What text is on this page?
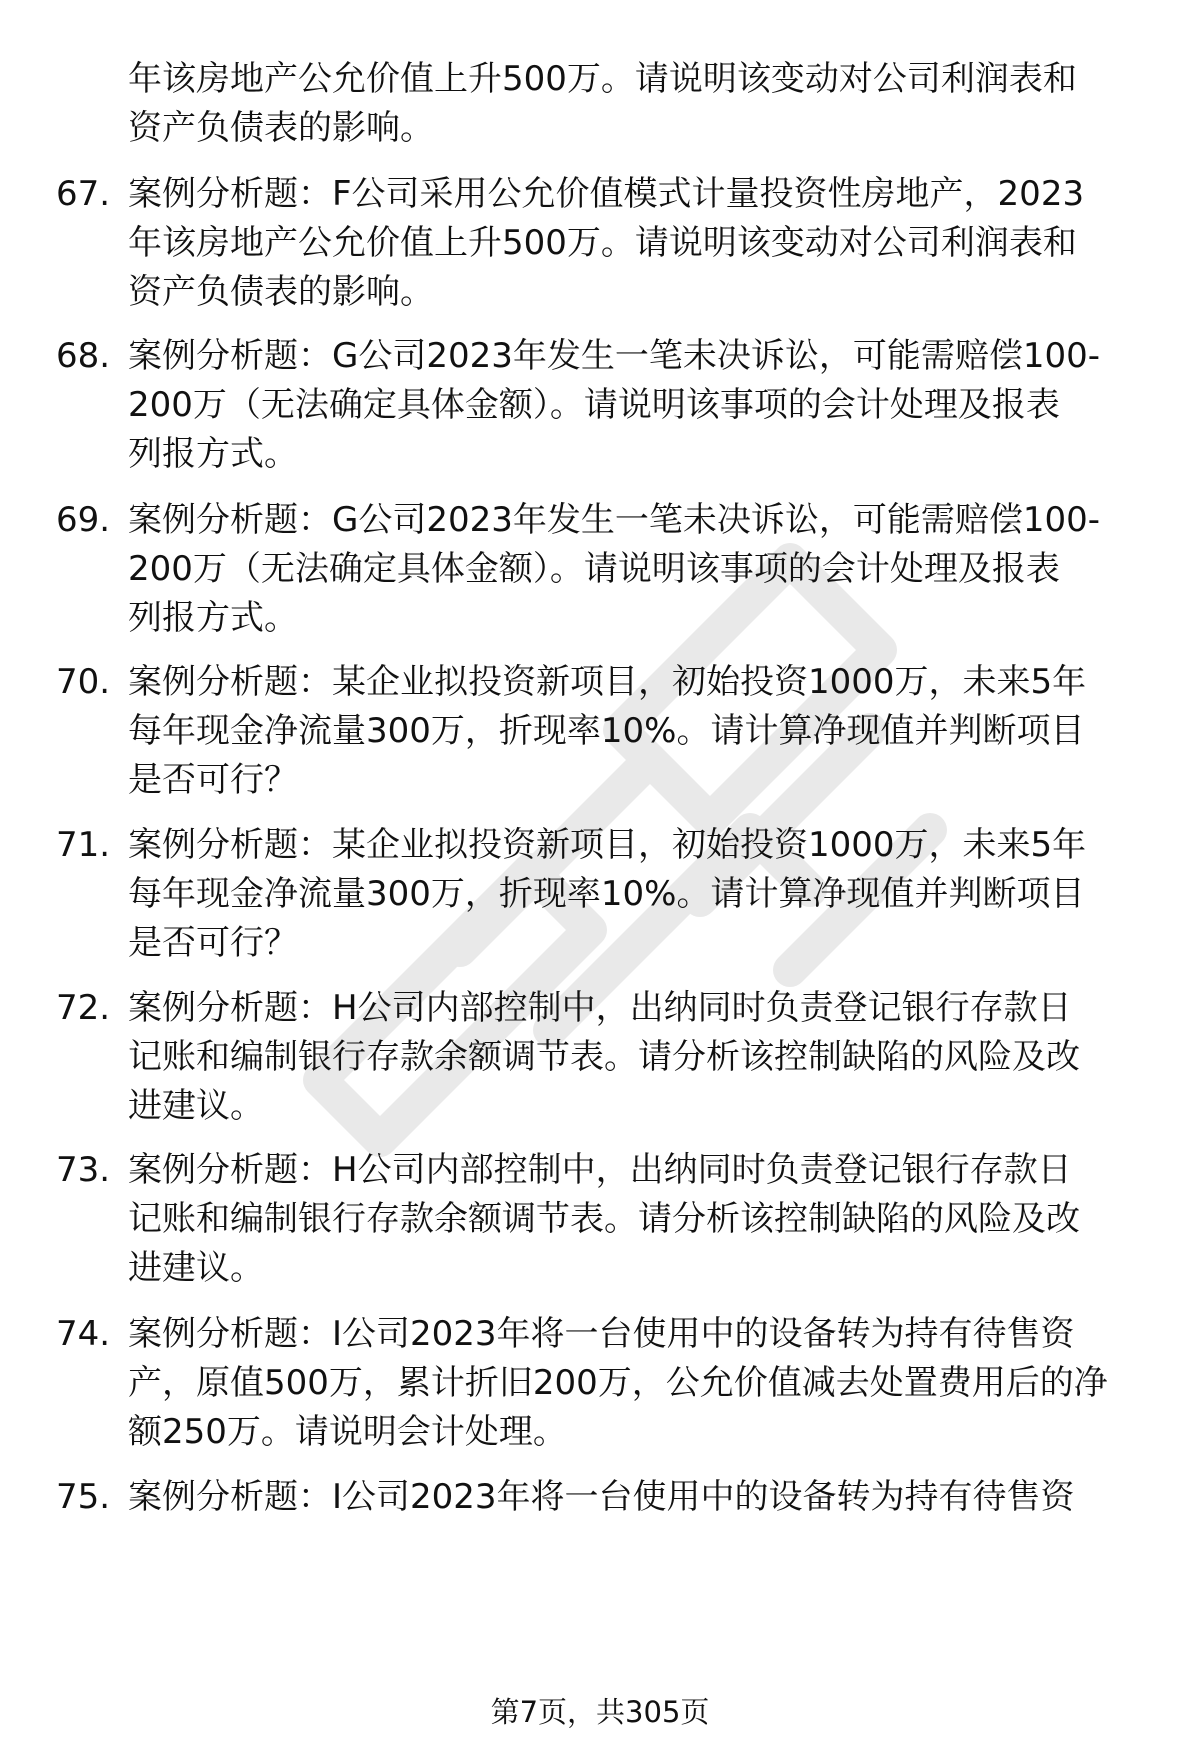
年该房地产公允价值上升500万。请说明该变动对公司利润表和
资产负债表的影响。
67. 案例分析题：F公司采用公允价值模式计量投资性房地产，2023
年该房地产公允价值上升500万。请说明该变动对公司利润表和
资产负债表的影响。
68. 案例分析题：G公司2023年发生一笔未决诉讼，可能需赔偿100-
200万（无法确定具体金额）。请说明该事项的会计处理及报表
列报方式。
69. 案例分析题：G公司2023年发生一笔未决诉讼，可能需赔偿100-
200万（无法确定具体金额）。请说明该事项的会计处理及报表
列报方式。
70. 案例分析题：某企业拟投资新项目，初始投资1000万，未来5年
每年现金净流量300万，折现率10%。请计算净现值并判断项目
是否可行？
71. 案例分析题：某企业拟投资新项目，初始投资1000万，未来5年
每年现金净流量300万，折现率10%。请计算净现值并判断项目
是否可行？
72. 案例分析题：H公司内部控制中，出纳同时负责登记银行存款日
记账和编制银行存款余额调节表。请分析该控制缺陷的风险及改
进建议。
73. 案例分析题：H公司内部控制中，出纳同时负责登记银行存款日
记账和编制银行存款余额调节表。请分析该控制缺陷的风险及改
进建议。
74. 案例分析题：I公司2023年将一台使用中的设备转为持有待售资
产，原值500万，累计折旧200万，公允价值减去处置费用后的净
额250万。请说明会计处理。
75. 案例分析题：I公司2023年将一台使用中的设备转为持有待售资
第7页，共305页
